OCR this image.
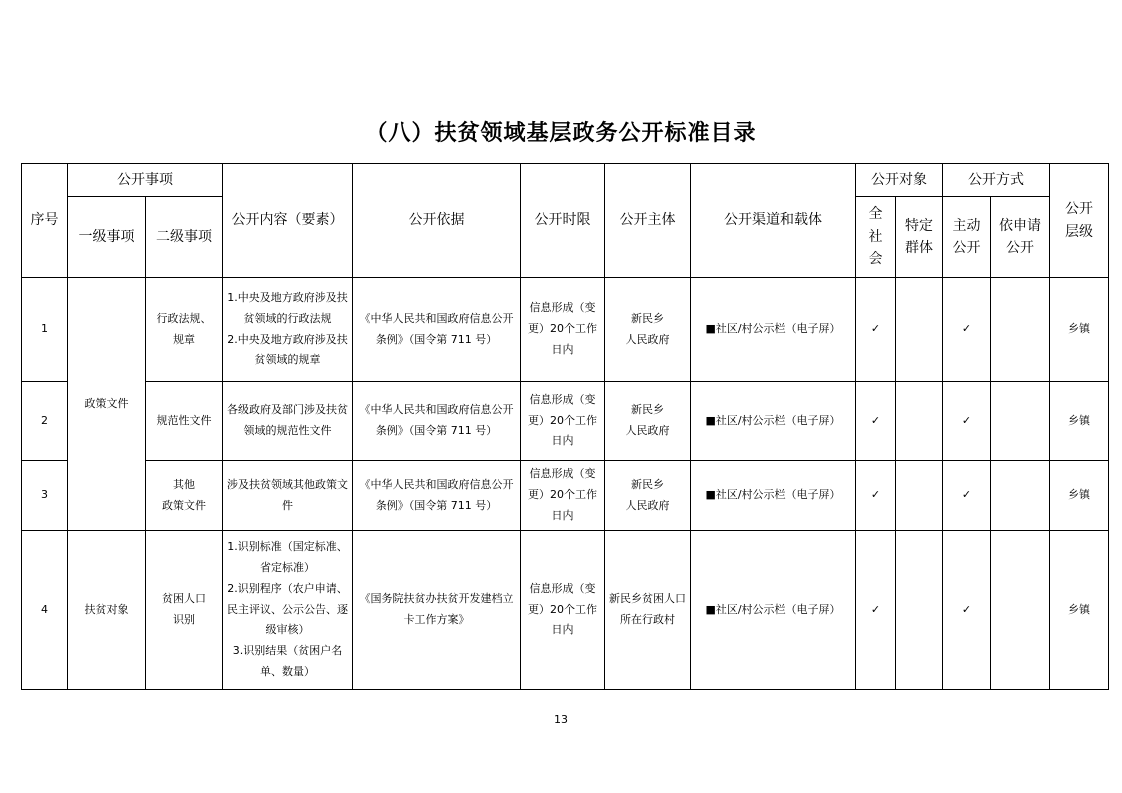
（八）扶贫领域基层政务公开标准目录
序号	公开事项		公开内容（要素）	公开依据	公开时限	公开主体	公开渠道和载体	公开对象		公开方式		公开
层级
	一级事项	二级事项						全
社
会	特定
群体	主动
公开	依申请
公开	
1	政策文件	行政法规、
规章	1.中央及地方政府涉及扶贫领域的行政法规
2.中央及地方政府涉及扶贫领域的规章	《中华人民共和国政府信息公开条例》（国令第 711 号）	信息形成（变更）20个工作日内	新民乡
人民政府	■社区/村公示栏（电子屏）	✓		✓		乡镇
2		规范性文件	各级政府及部门涉及扶贫领域的规范性文件	《中华人民共和国政府信息公开条例》（国令第 711 号）	信息形成（变更）20个工作日内	新民乡
人民政府	■社区/村公示栏（电子屏）	✓		✓		乡镇
3		其他
政策文件	涉及扶贫领域其他政策文件	《中华人民共和国政府信息公开条例》（国令第 711 号）	信息形成（变更）20个工作日内	新民乡
人民政府	■社区/村公示栏（电子屏）	✓		✓		乡镇
4	扶贫对象	贫困人口
识别	1.识别标准（国定标准、省定标准）
2.识别程序（农户申请、民主评议、公示公告、逐级审核）
3.识别结果（贫困户名单、数量）	《国务院扶贫办扶贫开发建档立卡工作方案》	信息形成（变更）20个工作日内	新民乡贫困人口所在行政村	■社区/村公示栏（电子屏）	✓		✓		乡镇
13
